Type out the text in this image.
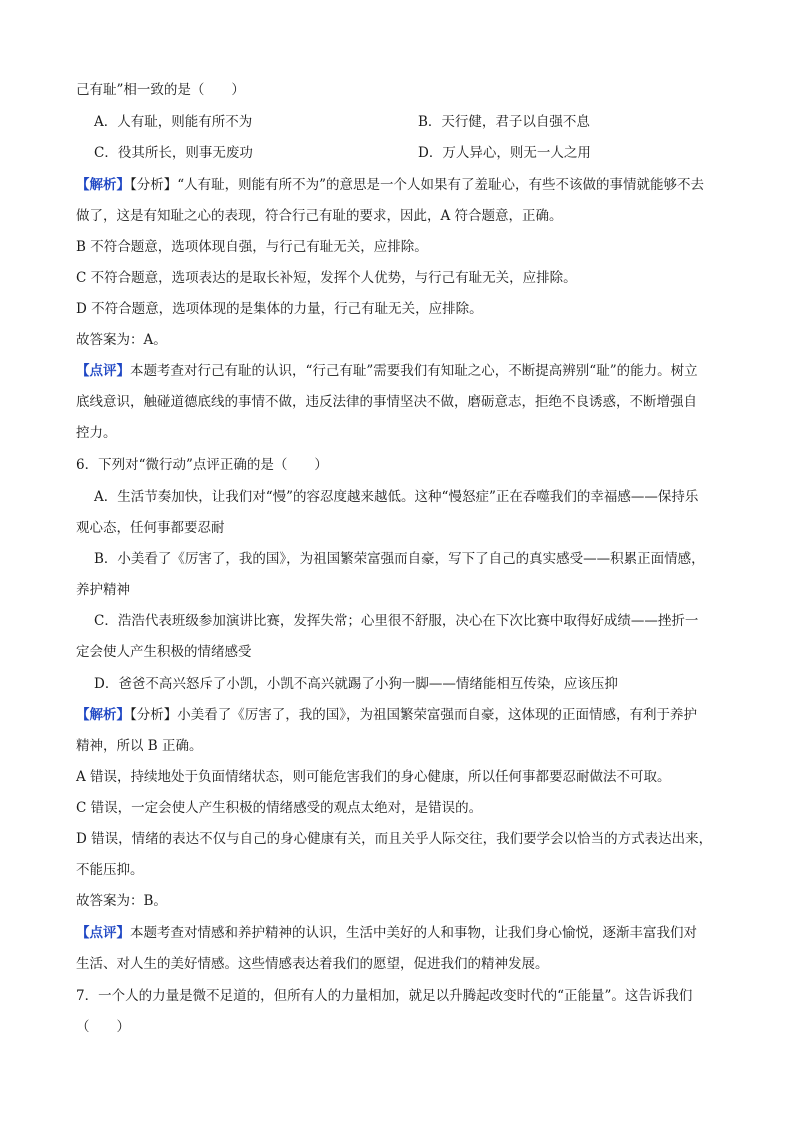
己有耻”相一致的是（　　）
A．人有耻，则能有所不为	B．天行健，君子以自强不息
C．役其所长，则事无废功	D．万人异心，则无一人之用
【解析】【分析】“人有耻，则能有所不为”的意思是一个人如果有了羞耻心，有些不该做的事情就能够不去
做了，这是有知耻之心的表现，符合行己有耻的要求，因此，A 符合题意，正确。
B 不符合题意，选项体现自强，与行己有耻无关，应排除。
C 不符合题意，选项表达的是取长补短，发挥个人优势，与行己有耻无关，应排除。
D 不符合题意，选项体现的是集体的力量，行己有耻无关，应排除。
故答案为：A。
【点评】本题考查对行己有耻的认识，“行己有耻”需要我们有知耻之心，不断提高辨别“耻”的能力。树立
底线意识，触碰道德底线的事情不做，违反法律的事情坚决不做，磨砺意志，拒绝不良诱惑，不断增强自
控力。
6．下列对“微行动”点评正确的是（　　）
A．生活节奏加快，让我们对“慢”的容忍度越来越低。这种“慢怒症”正在吞噬我们的幸福感——保持乐
观心态，任何事都要忍耐
B．小美看了《厉害了，我的国》，为祖国繁荣富强而自豪，写下了自己的真实感受——积累正面情感，
养护精神
C．浩浩代表班级参加演讲比赛，发挥失常；心里很不舒服，决心在下次比赛中取得好成绩——挫折一
定会使人产生积极的情绪感受
D．爸爸不高兴怒斥了小凯，小凯不高兴就踢了小狗一脚——情绪能相互传染，应该压抑
【解析】【分析】小美看了《厉害了，我的国》，为祖国繁荣富强而自豪，这体现的正面情感，有利于养护
精神，所以 B 正确。
A 错误，持续地处于负面情绪状态，则可能危害我们的身心健康，所以任何事都要忍耐做法不可取。
C 错误，一定会使人产生积极的情绪感受的观点太绝对，是错误的。
D 错误，情绪的表达不仅与自己的身心健康有关，而且关乎人际交往，我们要学会以恰当的方式表达出来，
不能压抑。
故答案为：B。
【点评】本题考查对情感和养护精神的认识，生活中美好的人和事物，让我们身心愉悦，逐渐丰富我们对
生活、对人生的美好情感。这些情感表达着我们的愿望，促进我们的精神发展。
7．一个人的力量是微不足道的，但所有人的力量相加，就足以升腾起改变时代的“正能量”。这告诉我们
（　　）
